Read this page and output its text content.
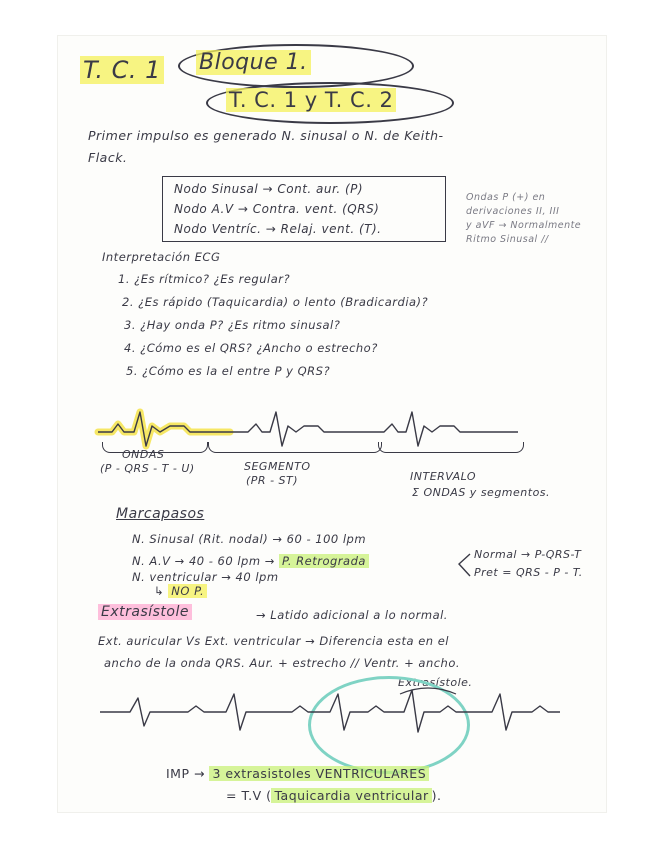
T. C. 1 Bloque 1.
T. C. 1 y T. C. 2
Primer impulso es generado N. sinusal o N. de Keith-
Flack.
Nodo Sinusal → Cont. aur. (P)
Nodo A.V → Contra. vent. (QRS)
Nodo Ventríc. → Relaj. vent. (T).
Ondas P (+) en
derivaciones II, III
y aVF → Normalmente
Ritmo Sinusal //
Interpretación ECG
1. ¿Es rítmico? ¿Es regular?
2. ¿Es rápido (Taquicardia) o lento (Bradicardia)?
3. ¿Hay onda P? ¿Es ritmo sinusal?
4. ¿Cómo es el QRS? ¿Ancho o estrecho?
5. ¿Cómo es la el entre P y QRS?
ONDAS
(P - QRS - T - U)	SEGMENTO
(PR - ST)	INTERVALO
Σ ONDAS y segmentos.
Marcapasos
N. Sinusal (Rit. nodal) → 60 - 100 lpm
N. A.V → 40 - 60 lpm → P. Retrograda
N. ventricular → 40 lpm
↳ NO P.
Normal → P-QRS-T
Pret = QRS - P - T.
Extrasístole	→ Latido adicional a lo normal.
Ext. auricular Vs Ext. ventricular → Diferencia esta en el
ancho de la onda QRS. Aur. + estrecho // Ventr. + ancho.
Extrasístole.
IMP → 3 extrasistoles VENTRICULARES
= T.V ( Taquicardia ventricular ).
